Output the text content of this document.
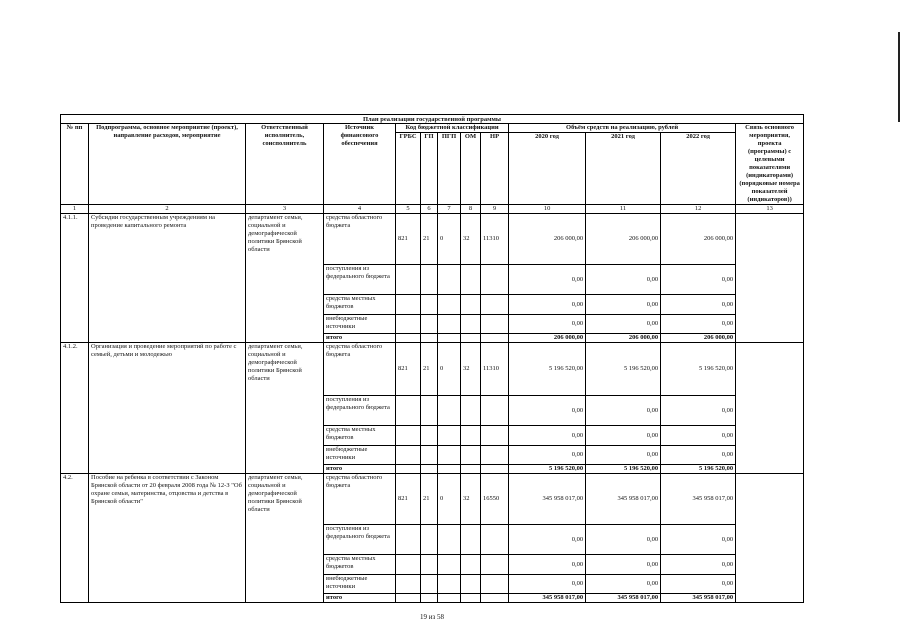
План реализации государственной программы
№ пп	Подпрограмма, основное мероприятие (проект), направление расходов, мероприятие	Ответственный исполнитель, соисполнитель	Источник финансового обеспечения	Код бюджетной классификации					Объём средств на реализацию, рублей			Связь основного мероприятия, проекта (программы) с целевыми показателями (индикаторами) (порядковые номера показателей (индикаторов))
				ГРБС	ГП	ПГП	ОМ	НР	2020 год	2021 год	2022 год	
1	2	3	4	5	6	7	8	9	10	11	12	13
4.1.1.	Субсидии государственным учреждениям на проведение капитального ремонта	департамент семьи, социальной и демографической политики Брянской области	средства областного бюджета	821	21	0	32	11310	206 000,00	206 000,00	206 000,00	
			поступления из федерального бюджета						0,00	0,00	0,00	
			средства местных бюджетов						0,00	0,00	0,00	
			внебюджетные источники						0,00	0,00	0,00	
			итого						206 000,00	206 000,00	206 000,00	
4.1.2.	Организация и проведение мероприятий по работе с семьей, детьми и молодежью	департамент семьи, социальной и демографической политики Брянской области	средства областного бюджета	821	21	0	32	11310	5 196 520,00	5 196 520,00	5 196 520,00	
			поступления из федерального бюджета						0,00	0,00	0,00	
			средства местных бюджетов						0,00	0,00	0,00	
			внебюджетные источники						0,00	0,00	0,00	
			итого						5 196 520,00	5 196 520,00	5 196 520,00	
4.2.	Пособие на ребенка в соответствии с Законом Брянской области от 20 февраля 2008 года № 12-З "Об охране семьи, материнства, отцовства и детства в Брянской области"	департамент семьи, социальной и демографической политики Брянской области	средства областного бюджета	821	21	0	32	16550	345 958 017,00	345 958 017,00	345 958 017,00	
			поступления из федерального бюджета						0,00	0,00	0,00	
			средства местных бюджетов						0,00	0,00	0,00	
			внебюджетные источники						0,00	0,00	0,00	
			итого						345 958 017,00	345 958 017,00	345 958 017,00	
19 из 58
